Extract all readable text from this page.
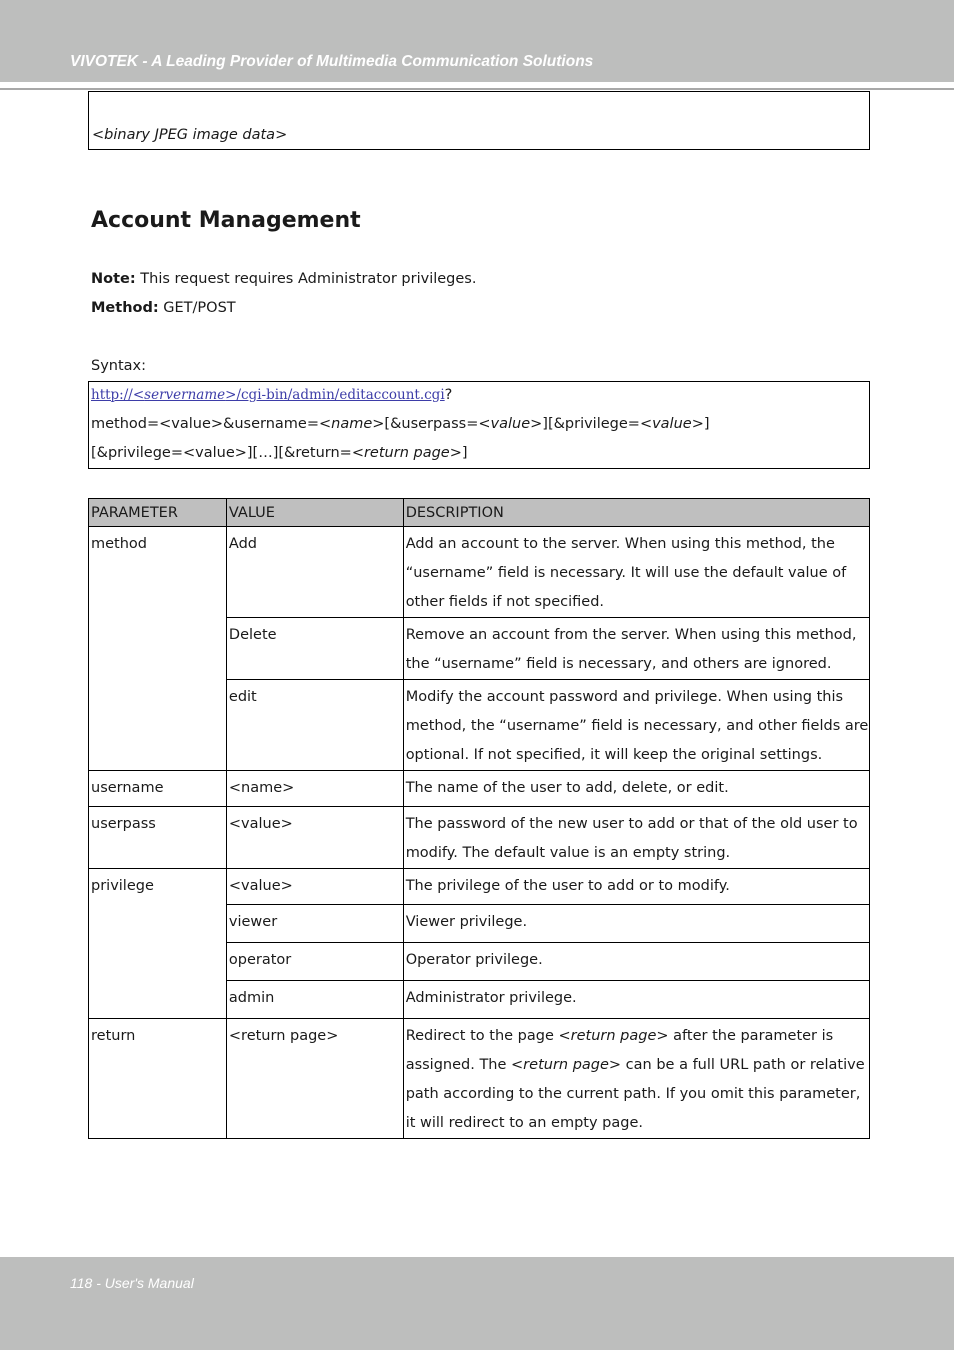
VIVOTEK - A Leading Provider of Multimedia Communication Solutions
<binary JPEG image data>
Account Management
Note: This request requires Administrator privileges.
Method: GET/POST
Syntax:
http://<servername>/cgi-bin/admin/editaccount.cgi?
method=<value>&username=<name>[&userpass=<value>][&privilege=<value>]
[&privilege=<value>][…][&return=<return page>]
PARAMETER	VALUE	DESCRIPTION
method	Add	Add an account to the server. When using this method, the “username” field is necessary. It will use the default value of other fields if not specified.
	Delete	Remove an account from the server. When using this method, the “username” field is necessary, and others are ignored.
	edit	Modify the account password and privilege. When using this method, the “username” field is necessary, and other fields are optional. If not specified, it will keep the original settings.
username	<name>	The name of the user to add, delete, or edit.
userpass	<value>	The password of the new user to add or that of the old user to modify. The default value is an empty string.
privilege	<value>	The privilege of the user to add or to modify.
	viewer	Viewer privilege.
	operator	Operator privilege.
	admin	Administrator privilege.
return	<return page>	Redirect to the page <return page> after the parameter is assigned. The <return page> can be a full URL path or relative path according to the current path. If you omit this parameter, it will redirect to an empty page.
118 - User's Manual
